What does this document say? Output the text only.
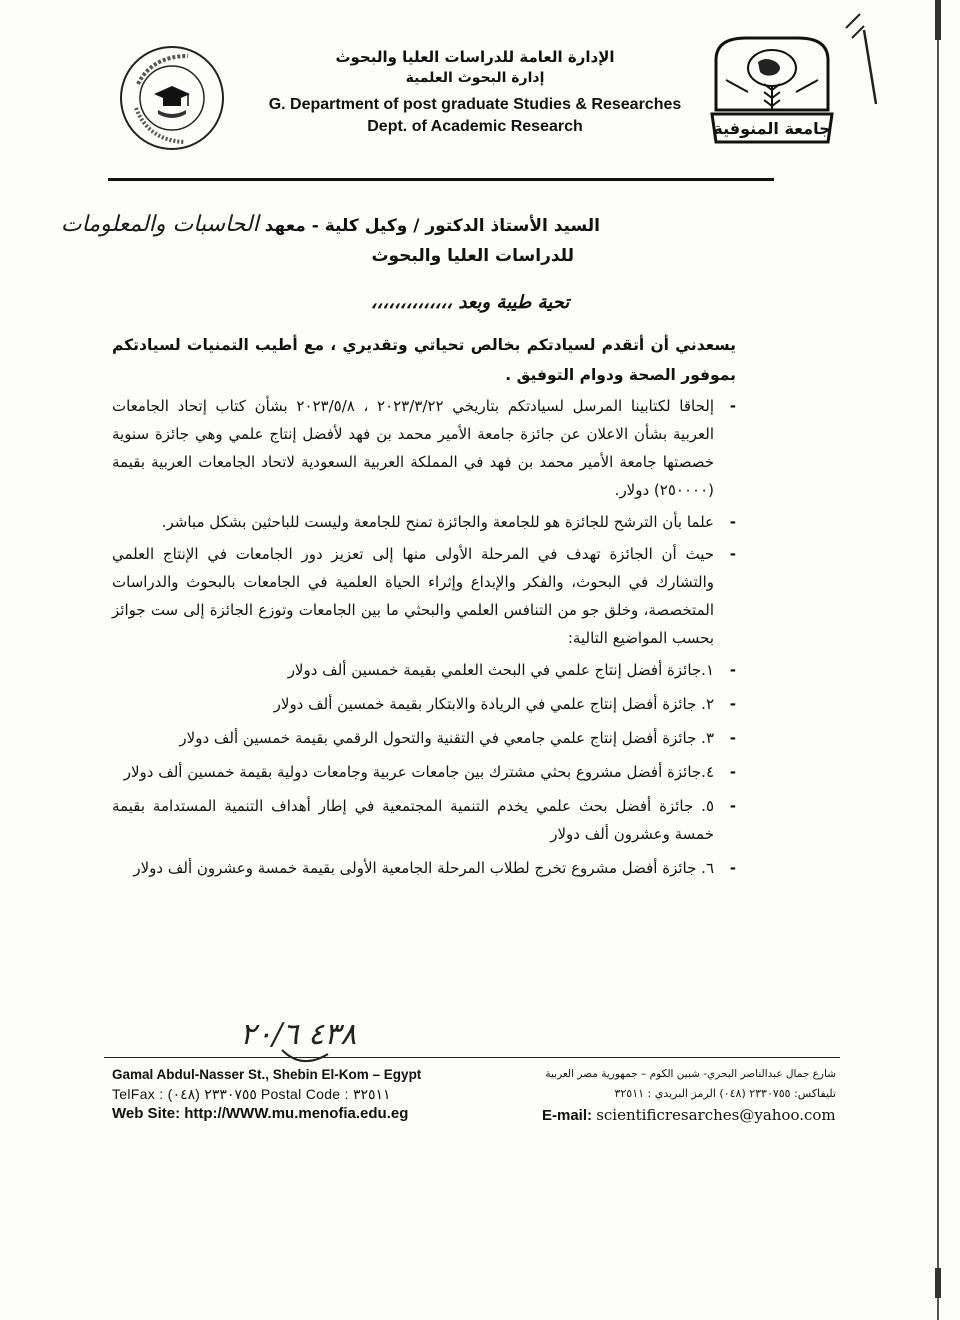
جامعة المنوفية
الإدارة العامة للدراسات العليا والبحوث
إدارة البحوث العلمية
G. Department of post graduate Studies & Researches
Dept. of Academic Research
السيد الأستاذ الدكتور / وكيل كلية - معهد الحاسبات والمعلومات
للدراسات العليا والبحوث
تحية طيبة وبعد ،،،،،،،،،،،،،،
يسعدني أن أتقدم لسيادتكم بخالص تحياتي وتقديري ، مع أطيب التمنيات لسيادتكم بموفور الصحة ودوام التوفيق .
- إلحاقا لكتابينا المرسل لسيادتكم بتاريخي ٢٠٢٣/٣/٢٢ ، ٢٠٢٣/٥/٨ بشأن كتاب إتحاد الجامعات العربية بشأن الاعلان عن جائزة جامعة الأمير محمد بن فهد لأفضل إنتاج علمي وهي جائزة سنوية خصصتها جامعة الأمير محمد بن فهد في المملكة العربية السعودية لاتحاد الجامعات العربية بقيمة (٢٥٠٠٠٠) دولار.
- علما بأن الترشح للجائزة هو للجامعة والجائزة تمنح للجامعة وليست للباحثين بشكل مباشر.
- حيث أن الجائزة تهدف في المرحلة الأولى منها إلى تعزيز دور الجامعات في الإنتاج العلمي والتشارك في البحوث، والفكر والإبداع وإثراء الحياة العلمية في الجامعات بالبحوث والدراسات المتخصصة، وخلق جو من التنافس العلمي والبحثي ما بين الجامعات وتوزع الجائزة إلى ست جوائز بحسب المواضيع التالية:
- ١.جائزة أفضل إنتاج علمي في البحث العلمي بقيمة خمسين ألف دولار
- ٢. جائزة أفضل إنتاج علمي في الريادة والابتكار بقيمة خمسين ألف دولار
- ٣. جائزة أفضل إنتاج علمي جامعي في التقنية والتحول الرقمي بقيمة خمسين ألف دولار
- ٤.جائزة أفضل مشروع بحثي مشترك بين جامعات عربية وجامعات دولية بقيمة خمسين ألف دولار
- ٥. جائزة أفضل بحث علمي يخدم التنمية المجتمعية في إطار أهداف التنمية المستدامة بقيمة خمسة وعشرون ألف دولار
- ٦. جائزة أفضل مشروع تخرج لطلاب المرحلة الجامعية الأولى بقيمة خمسة وعشرون ألف دولار
٤٣٨ ٢٠/٦
Gamal Abdul-Nasser St., Shebin El-Kom – Egypt
TelFax : (٠٤٨) ٢٣٣٠٧٥٥ Postal Code : ٣٢٥١١
Web Site: http://WWW.mu.menofia.edu.eg
شارع جمال عبدالناصر البحري- شبين الكوم – جمهورية مصر العربية
تليفاكس: ٢٣٣٠٧٥٥ (٠٤٨) الرمز البريدي : ٣٢٥١١
E-mail: scientificresarches@yahoo.com
